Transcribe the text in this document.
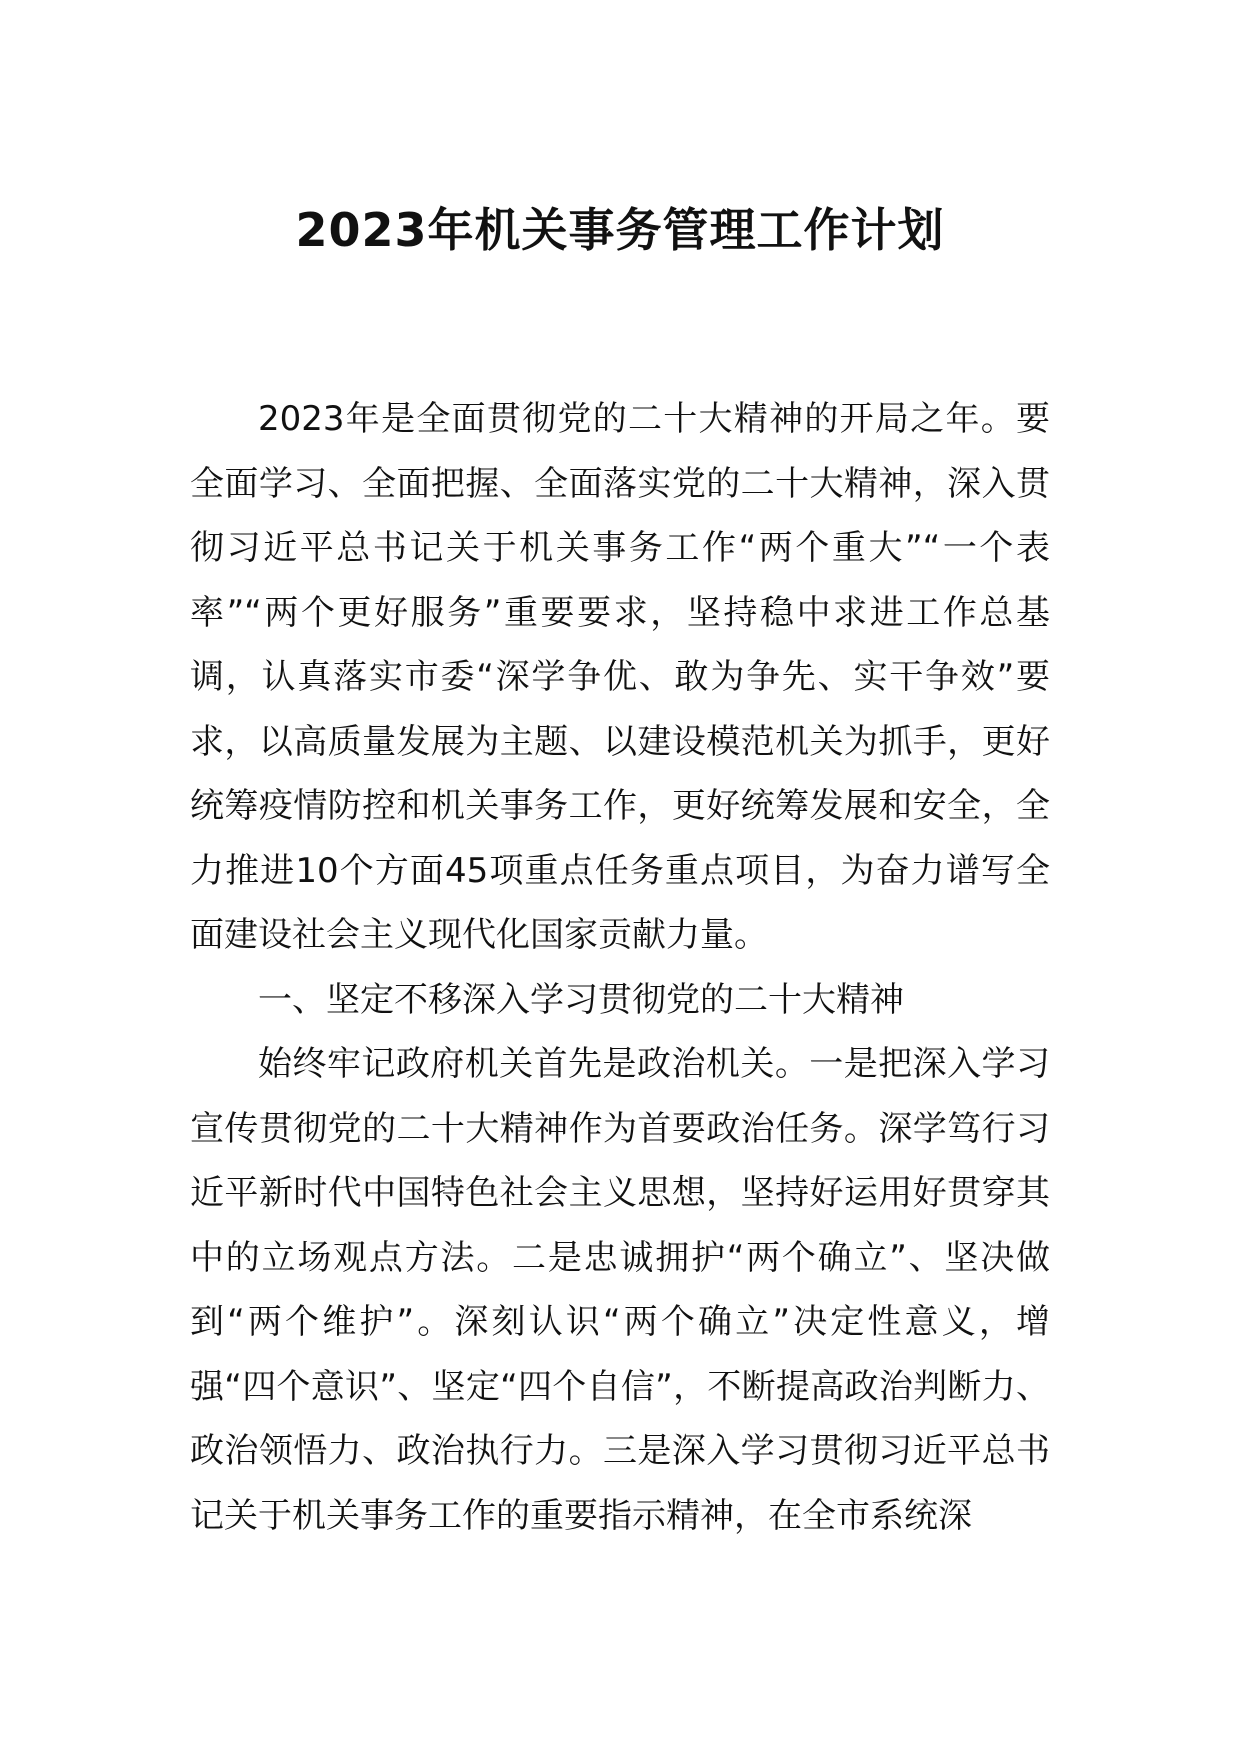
2023年机关事务管理工作计划

2023年是全面贯彻党的二十大精神的开局之年。要全面学习、全面把握、全面落实党的二十大精神，深入贯彻习近平总书记关于机关事务工作“两个重大”“一个表率”“两个更好服务”重要要求，坚持稳中求进工作总基调，认真落实市委“深学争优、敢为争先、实干争效”要求，以高质量发展为主题、以建设模范机关为抓手，更好统筹疫情防控和机关事务工作，更好统筹发展和安全，全力推进10个方面45项重点任务重点项目，为奋力谱写全面建设社会主义现代化国家贡献力量。

一、坚定不移深入学习贯彻党的二十大精神

始终牢记政府机关首先是政治机关。一是把深入学习宣传贯彻党的二十大精神作为首要政治任务。深学笃行习近平新时代中国特色社会主义思想，坚持好运用好贯穿其中的立场观点方法。二是忠诚拥护“两个确立”、坚决做到“两个维护”。深刻认识“两个确立”决定性意义，增强“四个意识”、坚定“四个自信”，不断提高政治判断力、政治领悟力、政治执行力。三是深入学习贯彻习近平总书记关于机关事务工作的重要指示精神，在全市系统深
